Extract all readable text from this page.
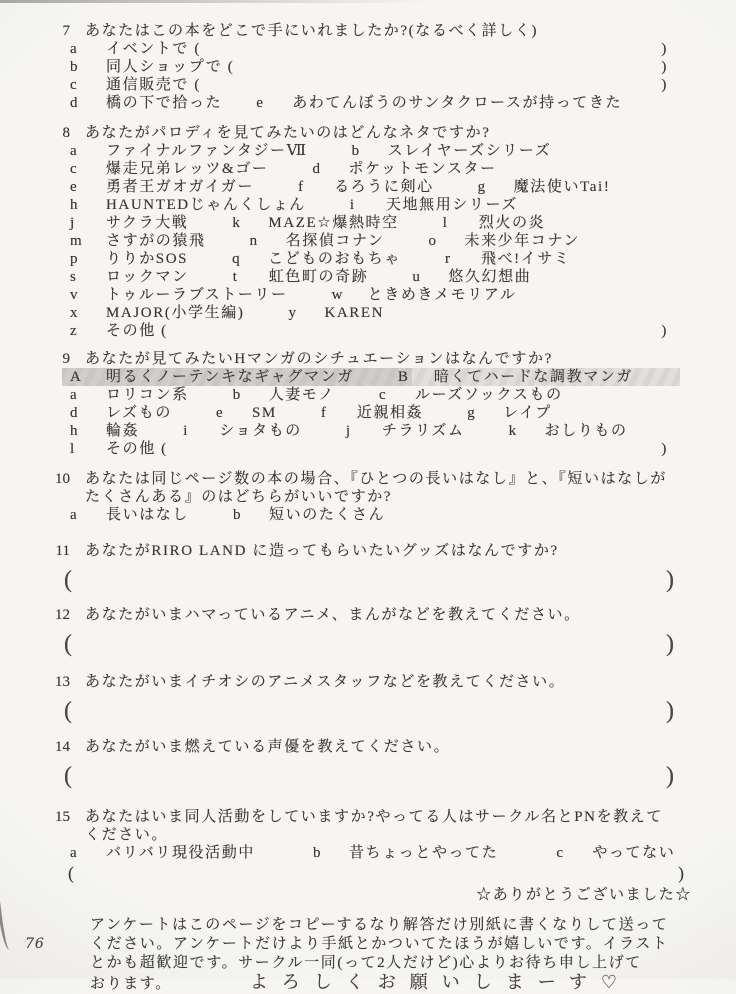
7 あなたはこの本をどこで手にいれましたか?(なるべく詳しく)
a	イベントで (	)
b	同人ショップで (	)
c	通信販売で (	)
d	橋の下で拾った e	あわてんぼうのサンタクロースが持ってきた
8 あなたがパロディを見てみたいのはどんなネタですか?
a	ファイナルファンタジーⅦ	b	スレイヤーズシリーズ
c	爆走兄弟レッツ&ゴー	d	ポケットモンスター
e	勇者王ガオガイガー	f	るろうに剣心	g	魔法使いTai!
h	HAUNTEDじゃんくしょん	i	天地無用シリーズ
j	サクラ大戦	k	MAZE☆爆熱時空	l	烈火の炎
m さすがの猿飛	n	名探偵コナン	o	未来少年コナン
p	りりかSOS	q	こどものおもちゃ	r	飛べ!イサミ
s	ロックマン	t	虹色町の奇跡	u	悠久幻想曲
v	トゥルーラブストーリー	w ときめきメモリアル
x	MAJOR(小学生編)	y	KAREN
z	その他 (	)
9 あなたが見てみたいHマンガのシチュエーションはなんですか?
A 明るくノーテンキなギャグマンガ	B 暗くてハードな調教マンガ
a	ロリコン系	b	人妻モノ	c	ルーズソックスもの
d	レズもの	e	SM	f	近親相姦	g	レイプ
h	輪姦	i	ショタもの	j	チラリズム	k	おしりもの
l	その他 (	)
10 あなたは同じページ数の本の場合、『ひとつの長いはなし』と、『短いはなしが
たくさんある』のはどちらがいいですか?
a	長いはなし	b	短いのたくさん
11 あなたがRIRO LAND に造ってもらいたいグッズはなんですか?
(	)
12 あなたがいまハマっているアニメ、まんがなどを教えてください。
(	)
13 あなたがいまイチオシのアニメスタッフなどを教えてください。
(	)
14 あなたがいま燃えている声優を教えてください。
(	)
15 あなたはいま同人活動をしていますか?やってる人はサークル名とPNを教えて
ください。
a	バリバリ現役活動中	b	昔ちょっとやってた	c	やってない
(	)
☆ありがとうございました☆
アンケートはこのページをコピーするなり解答だけ別紙に書くなりして送って
ください。アンケートだけより手紙とかついてたほうが嬉しいです。イラスト
とかも超歓迎です。サークル一同(って2人だけど)心よりお待ち申し上げて
おります。	よろしくお願いしまーす♡
76
